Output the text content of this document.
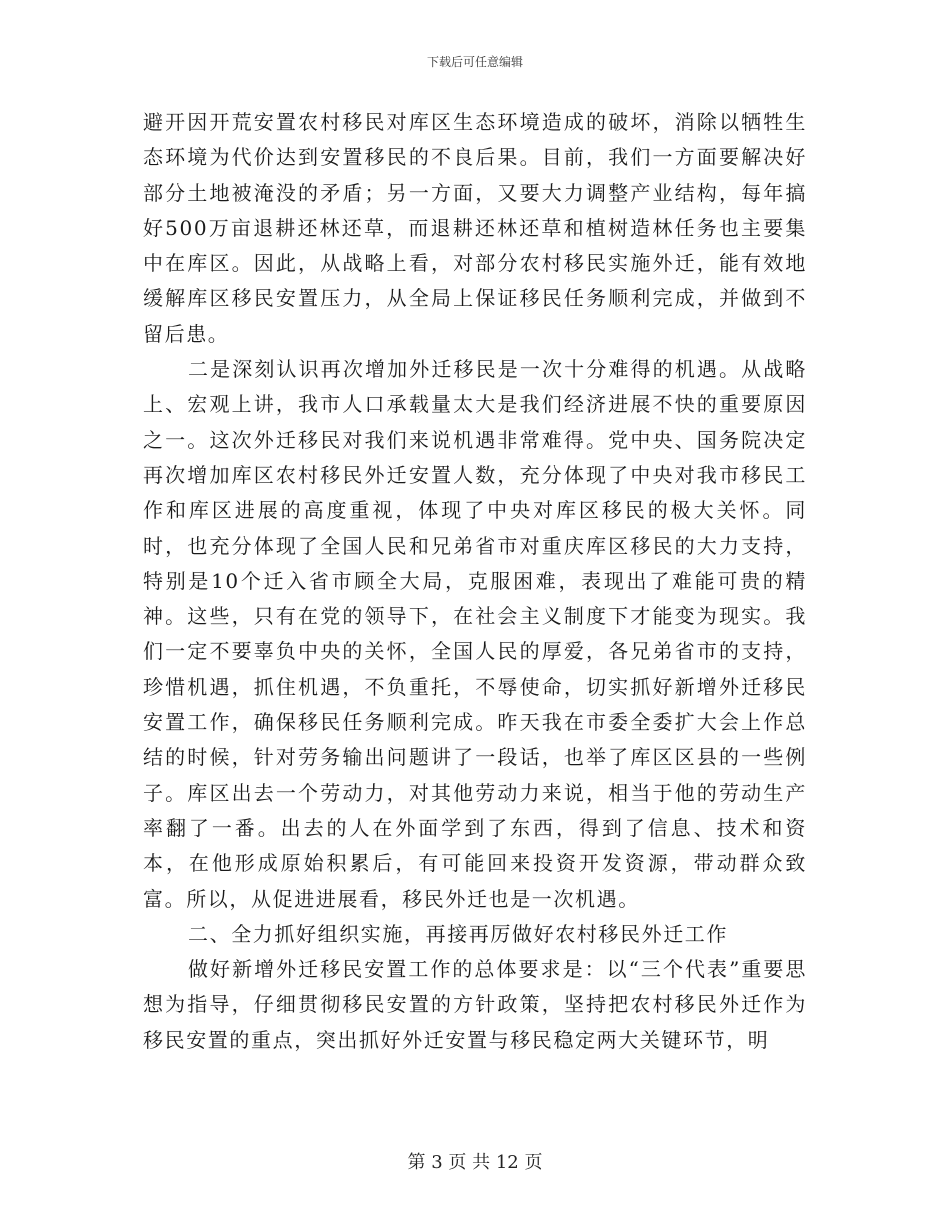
下载后可任意编辑

避开因开荒安置农村移民对库区生态环境造成的破坏，消除以牺牲生态环境为代价达到安置移民的不良后果。目前，我们一方面要解决好部分土地被淹没的矛盾；另一方面，又要大力调整产业结构，每年搞好500万亩退耕还林还草，而退耕还林还草和植树造林任务也主要集中在库区。因此，从战略上看，对部分农村移民实施外迁，能有效地缓解库区移民安置压力，从全局上保证移民任务顺利完成，并做到不留后患。

二是深刻认识再次增加外迁移民是一次十分难得的机遇。从战略上、宏观上讲，我市人口承载量太大是我们经济进展不快的重要原因之一。这次外迁移民对我们来说机遇非常难得。党中央、国务院决定再次增加库区农村移民外迁安置人数，充分体现了中央对我市移民工作和库区进展的高度重视，体现了中央对库区移民的极大关怀。同时，也充分体现了全国人民和兄弟省市对重庆库区移民的大力支持，特别是10个迁入省市顾全大局，克服困难，表现出了难能可贵的精神。这些，只有在党的领导下，在社会主义制度下才能变为现实。我们一定不要辜负中央的关怀，全国人民的厚爱，各兄弟省市的支持，珍惜机遇，抓住机遇，不负重托，不辱使命，切实抓好新增外迁移民安置工作，确保移民任务顺利完成。昨天我在市委全委扩大会上作总结的时候，针对劳务输出问题讲了一段话，也举了库区区县的一些例子。库区出去一个劳动力，对其他劳动力来说，相当于他的劳动生产率翻了一番。出去的人在外面学到了东西，得到了信息、技术和资本，在他形成原始积累后，有可能回来投资开发资源，带动群众致富。所以，从促进进展看，移民外迁也是一次机遇。

二、全力抓好组织实施，再接再厉做好农村移民外迁工作

做好新增外迁移民安置工作的总体要求是：以“三个代表”重要思想为指导，仔细贯彻移民安置的方针政策，坚持把农村移民外迁作为移民安置的重点，突出抓好外迁安置与移民稳定两大关键环节，明

第 3 页 共 12 页
